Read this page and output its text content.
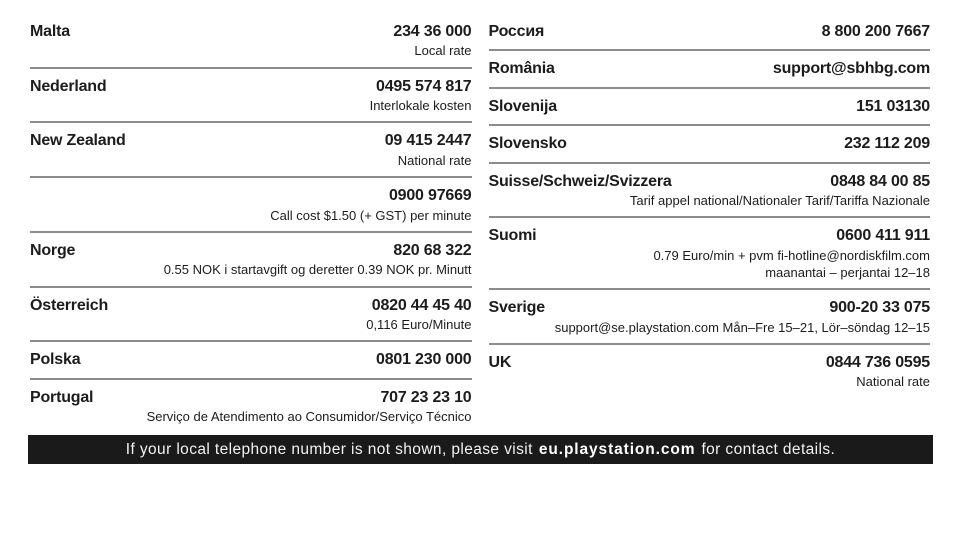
Malta	234 36 000
Local rate
Nederland	0495 574 817
Interlokale kosten
New Zealand	09 415 2447
National rate
0900 97669
Call cost $1.50 (+ GST) per minute
Norge	820 68 322
0.55 NOK i startavgift og deretter 0.39 NOK pr. Minutt
Österreich	0820 44 45 40
0,116 Euro/Minute
Polska	0801 230 000
Portugal	707 23 23 10
Serviço de Atendimento ao Consumidor/Serviço Técnico
Россия	8 800 200 7667
România	support@sbhbg.com
Slovenija	151 03130
Slovensko	232 112 209
Suisse/Schweiz/Svizzera	0848 84 00 85
Tarif appel national/Nationaler Tarif/Tariffa Nazionale
Suomi	0600 411 911
0.79 Euro/min + pvm fi-hotline@nordiskfilm.com
maanantai – perjantai 12–18
Sverige	900-20 33 075
support@se.playstation.com Mån–Fre 15–21, Lör–söndag 12–15
UK	0844 736 0595
National rate
If your local telephone number is not shown, please visit eu.playstation.com for contact details.
